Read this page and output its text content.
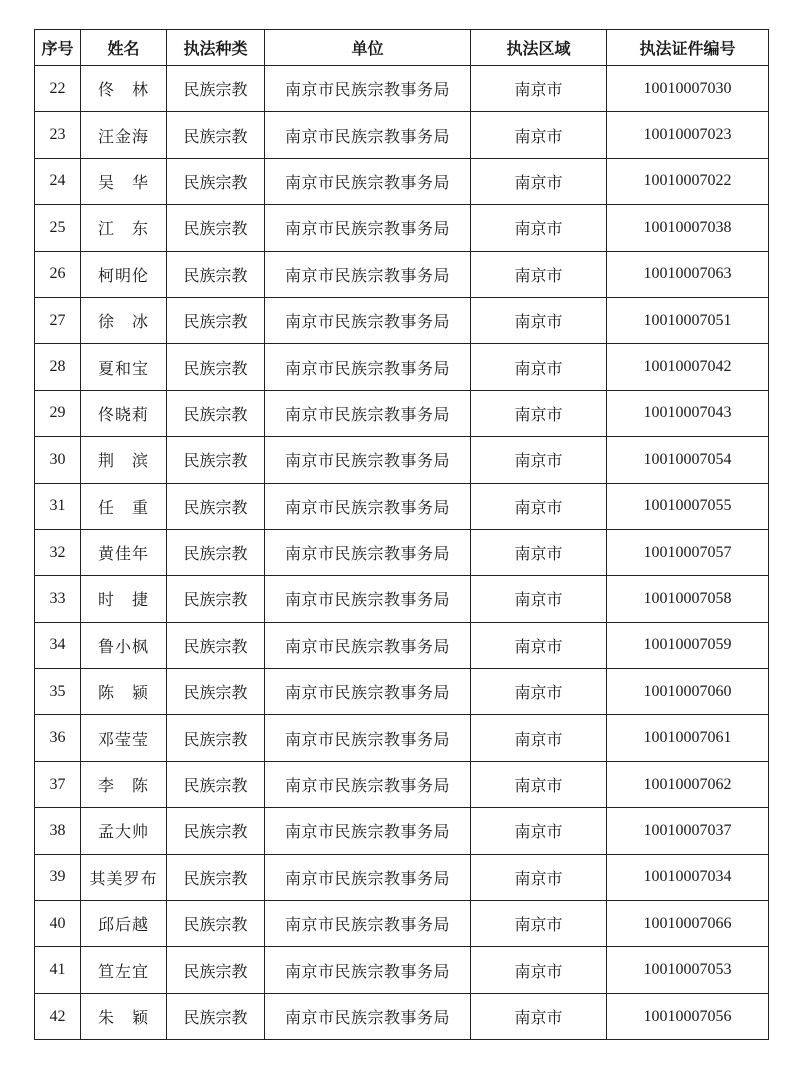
序号	姓名	执法种类	单位	执法区域	执法证件编号
22	佟　林	民族宗教	南京市民族宗教事务局	南京市	10010007030
23	汪金海	民族宗教	南京市民族宗教事务局	南京市	10010007023
24	吴　华	民族宗教	南京市民族宗教事务局	南京市	10010007022
25	江　东	民族宗教	南京市民族宗教事务局	南京市	10010007038
26	柯明伦	民族宗教	南京市民族宗教事务局	南京市	10010007063
27	徐　冰	民族宗教	南京市民族宗教事务局	南京市	10010007051
28	夏和宝	民族宗教	南京市民族宗教事务局	南京市	10010007042
29	佟晓莉	民族宗教	南京市民族宗教事务局	南京市	10010007043
30	荆　滨	民族宗教	南京市民族宗教事务局	南京市	10010007054
31	任　重	民族宗教	南京市民族宗教事务局	南京市	10010007055
32	黄佳年	民族宗教	南京市民族宗教事务局	南京市	10010007057
33	时　捷	民族宗教	南京市民族宗教事务局	南京市	10010007058
34	鲁小枫	民族宗教	南京市民族宗教事务局	南京市	10010007059
35	陈　颍	民族宗教	南京市民族宗教事务局	南京市	10010007060
36	邓莹莹	民族宗教	南京市民族宗教事务局	南京市	10010007061
37	李　陈	民族宗教	南京市民族宗教事务局	南京市	10010007062
38	孟大帅	民族宗教	南京市民族宗教事务局	南京市	10010007037
39	其美罗布	民族宗教	南京市民族宗教事务局	南京市	10010007034
40	邱后越	民族宗教	南京市民族宗教事务局	南京市	10010007066
41	笪左宜	民族宗教	南京市民族宗教事务局	南京市	10010007053
42	朱　颖	民族宗教	南京市民族宗教事务局	南京市	10010007056
